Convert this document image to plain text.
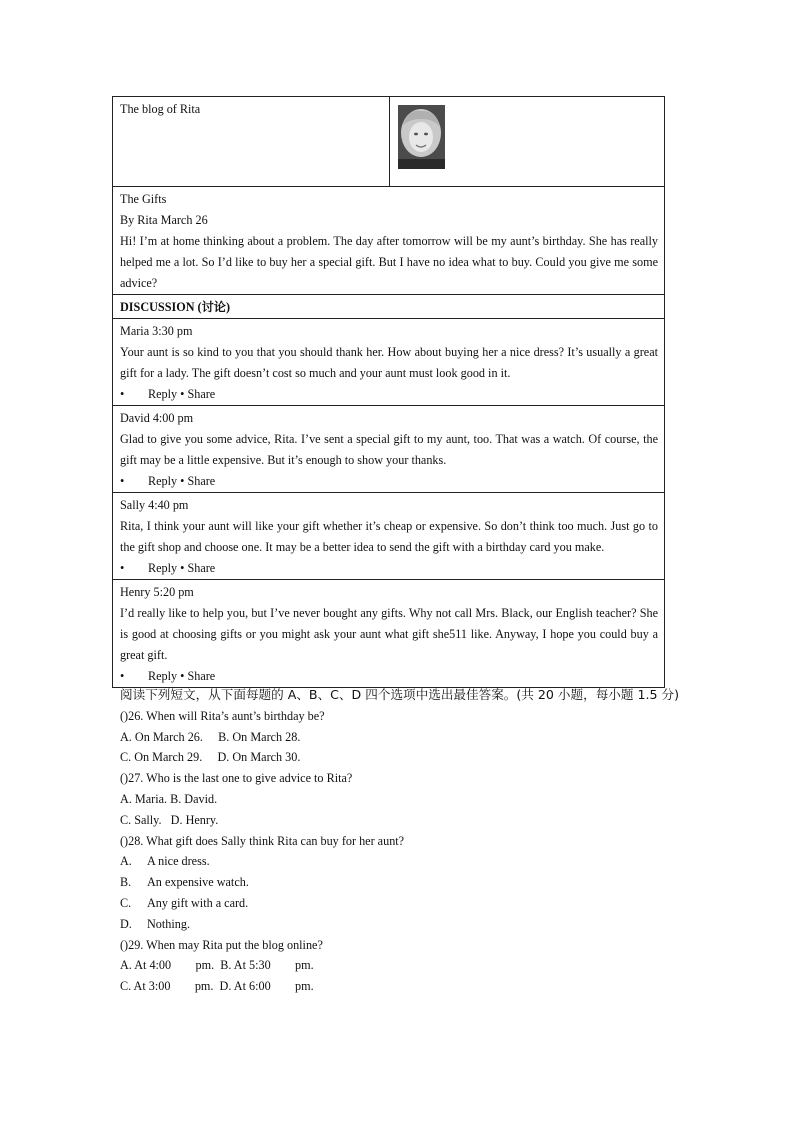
The blog of Rita	

The Gifts

By Rita March 26

Hi! I’m at home thinking about a problem. The day after tomorrow will be my aunt’s birthday. She has really helped me a lot. So I’d like to buy her a special gift. But I have no idea what to buy. Could you give me some advice?

DISCUSSION (讨论)

Maria 3:30 pm

Your aunt is so kind to you that you should thank her. How about buying her a nice dress? It’s usually a great gift for a lady. The gift doesn’t cost so much and your aunt must look good in it.

• Reply • Share

David 4:00 pm

Glad to give you some advice, Rita. I’ve sent a special gift to my aunt, too. That was a watch. Of course, the gift may be a little expensive. But it’s enough to show your thanks.

• Reply • Share

Sally 4:40 pm

Rita, I think your aunt will like your gift whether it’s cheap or expensive. So don’t think too much. Just go to the gift shop and choose one. It may be a better idea to send the gift with a birthday card you make.

• Reply • Share

Henry 5:20 pm

I’d really like to help you, but I’ve never bought any gifts. Why not call Mrs. Black, our English teacher? She is good at choosing gifts or you might ask your aunt what gift she511 like. Anyway, I hope you could buy a great gift.

• Reply • Share

阅读下列短文，从下面每题的 A、B、C、D 四个选项中选出最佳答案。(共 20 小题，每小题 1.5 分)

()26. When will Rita’s aunt’s birthday be?

A. On March 26.     B. On March 28.

C. On March 29.     D. On March 30.

()27. Who is the last one to give advice to Rita?

A. Maria. B. David.

C. Sally.   D. Henry.

()28. What gift does Sally think Rita can buy for her aunt?

A. A nice dress.

B. An expensive watch.

C. Any gift with a card.

D. Nothing.

()29. When may Rita put the blog online?

A. At 4:00        pm.  B. At 5:30        pm.

C. At 3:00        pm.  D. At 6:00        pm.
